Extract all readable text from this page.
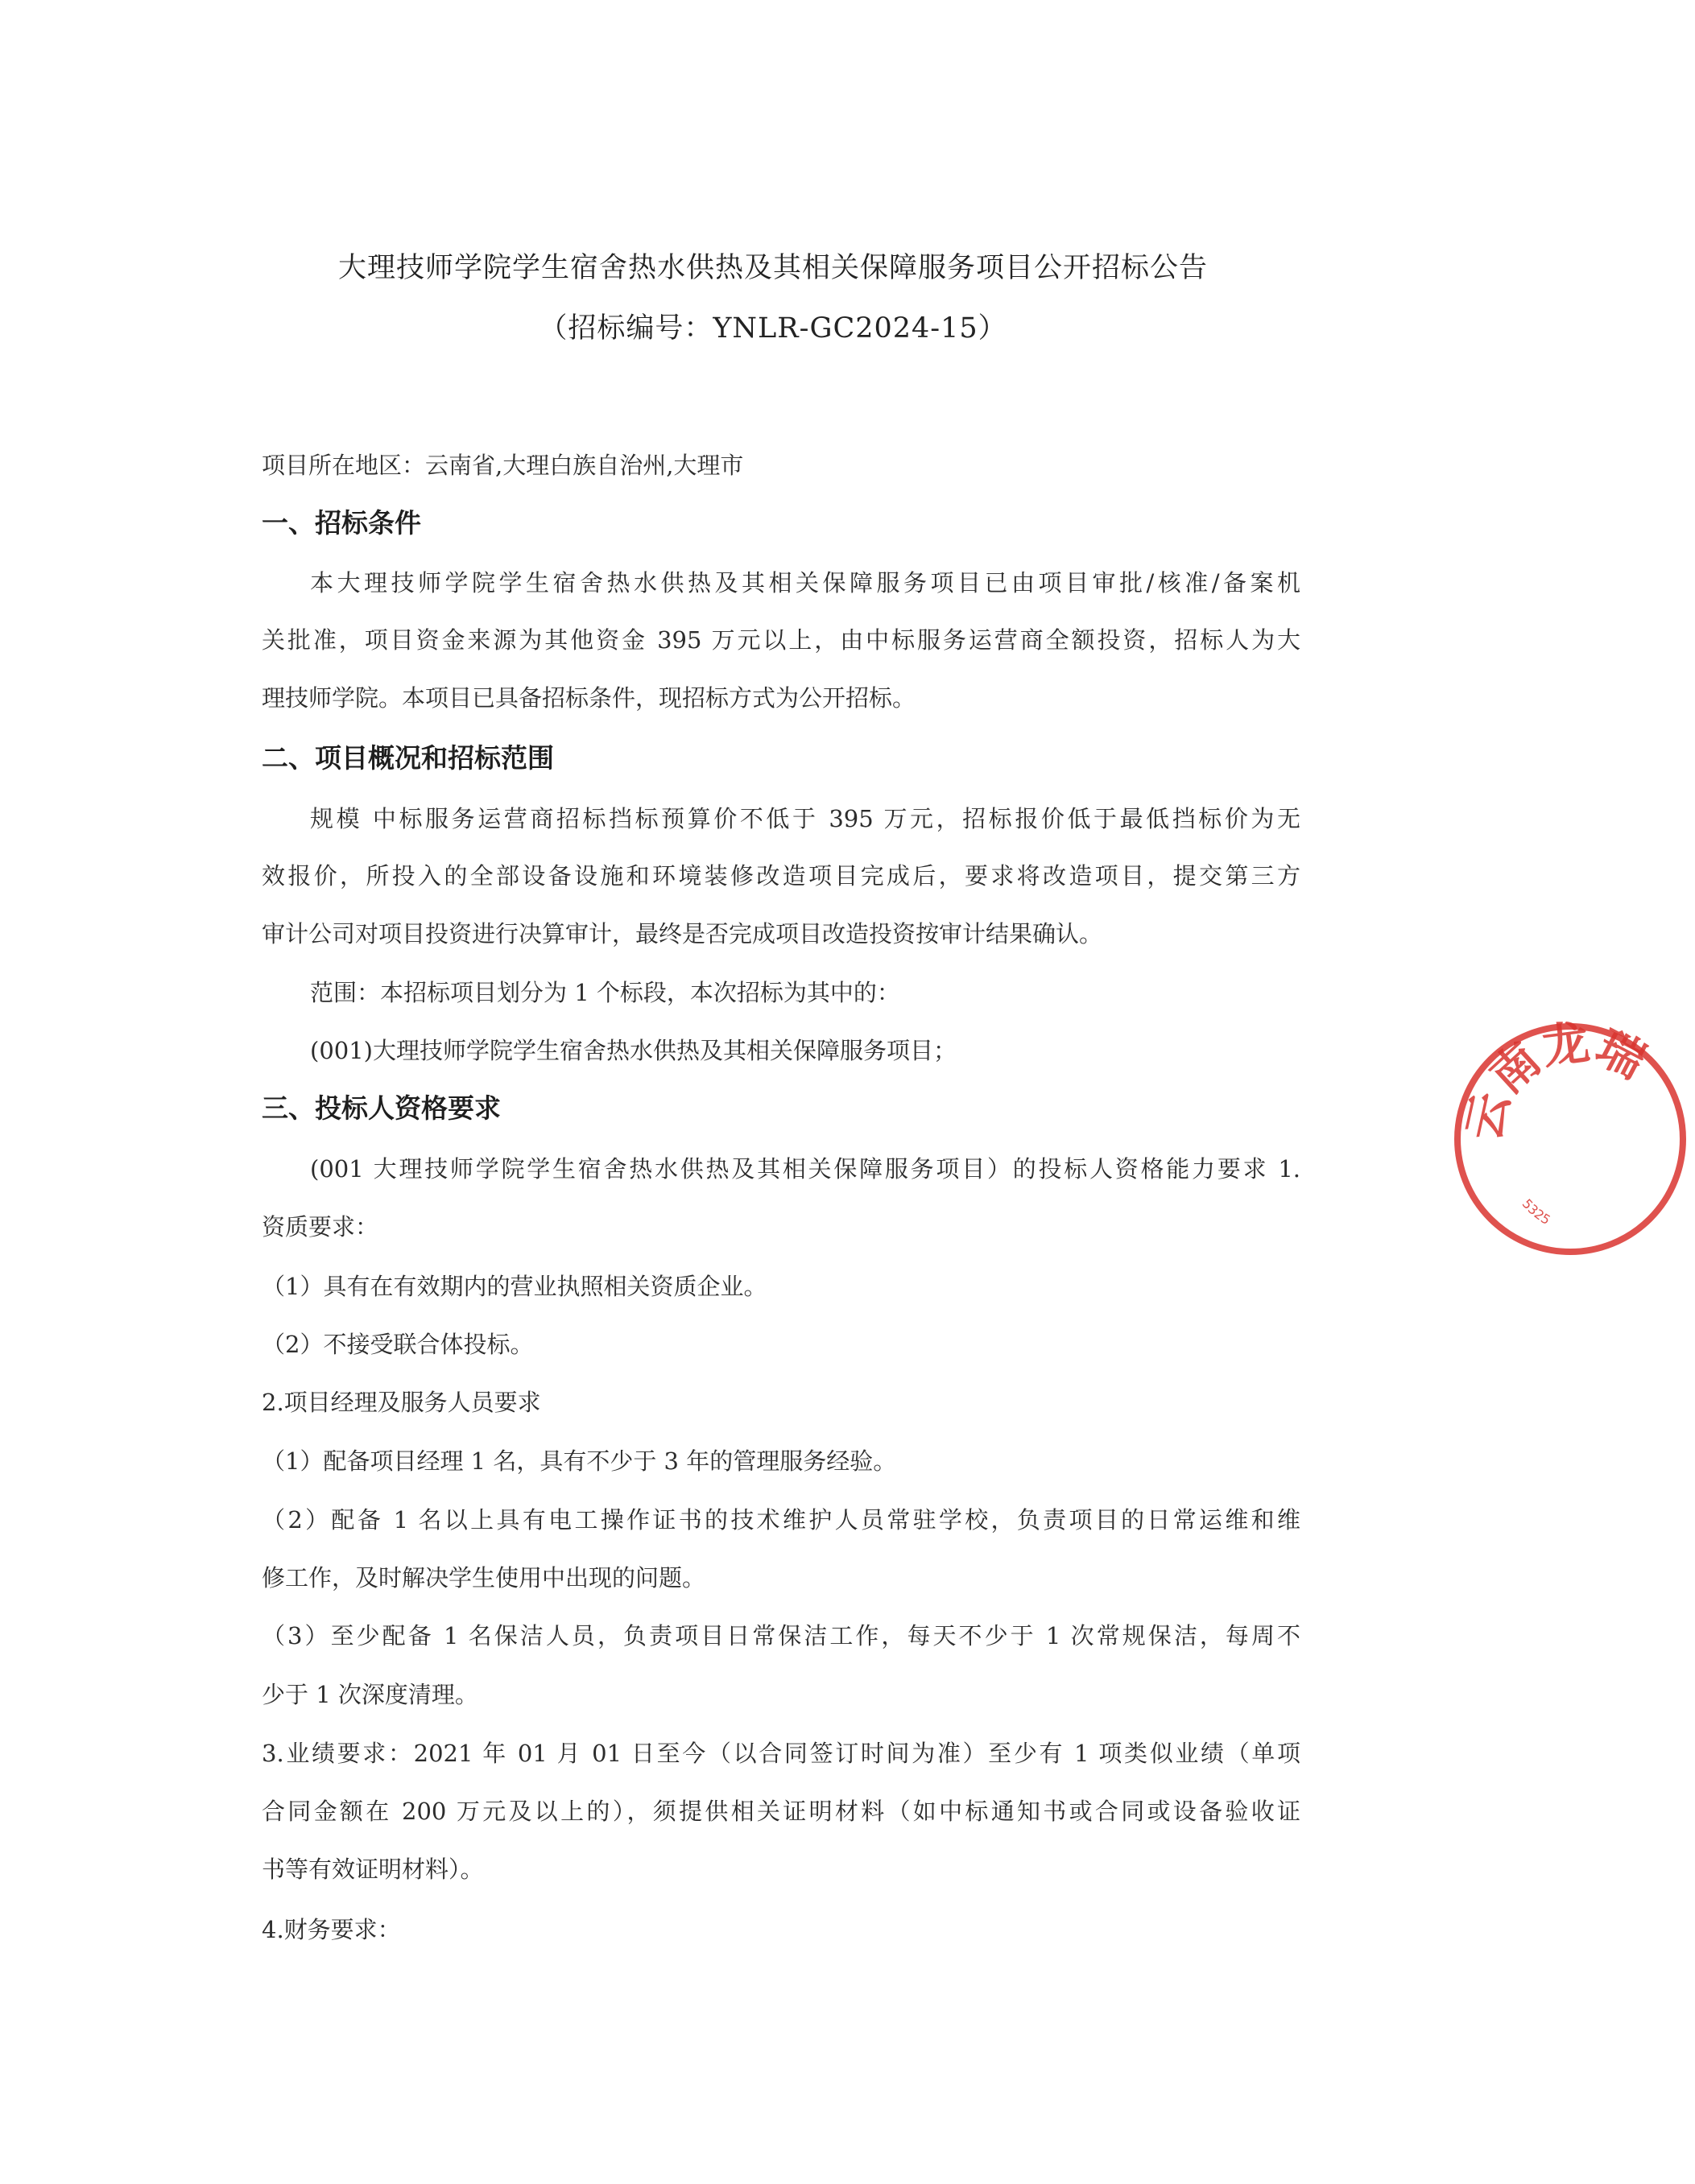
大理技师学院学生宿舍热水供热及其相关保障服务项目公开招标公告
（招标编号：YNLR-GC2024-15）
项目所在地区：云南省,大理白族自治州,大理市
一、招标条件
本大理技师学院学生宿舍热水供热及其相关保障服务项目已由项目审批/核准/备案机
关批准，项目资金来源为其他资金 395 万元以上，由中标服务运营商全额投资，招标人为大
理技师学院。本项目已具备招标条件，现招标方式为公开招标。
二、项目概况和招标范围
规模 中标服务运营商招标挡标预算价不低于 395 万元，招标报价低于最低挡标价为无
效报价，所投入的全部设备设施和环境装修改造项目完成后，要求将改造项目，提交第三方
审计公司对项目投资进行决算审计，最终是否完成项目改造投资按审计结果确认。
范围：本招标项目划分为 1 个标段，本次招标为其中的：
(001)大理技师学院学生宿舍热水供热及其相关保障服务项目；
三、投标人资格要求
(001 大理技师学院学生宿舍热水供热及其相关保障服务项目）的投标人资格能力要求 1.
资质要求：
（1）具有在有效期内的营业执照相关资质企业。
（2）不接受联合体投标。
2.项目经理及服务人员要求
（1）配备项目经理 1 名，具有不少于 3 年的管理服务经验。
（2）配备 1 名以上具有电工操作证书的技术维护人员常驻学校，负责项目的日常运维和维
修工作，及时解决学生使用中出现的问题。
（3）至少配备 1 名保洁人员，负责项目日常保洁工作，每天不少于 1 次常规保洁，每周不
少于 1 次深度清理。
3.业绩要求：2021 年 01 月 01 日至今（以合同签订时间为准）至少有 1 项类似业绩（单项
合同金额在 200 万元及以上的），须提供相关证明材料（如中标通知书或合同或设备验收证
书等有效证明材料）。
4.财务要求：
云南龙瑞
5325
